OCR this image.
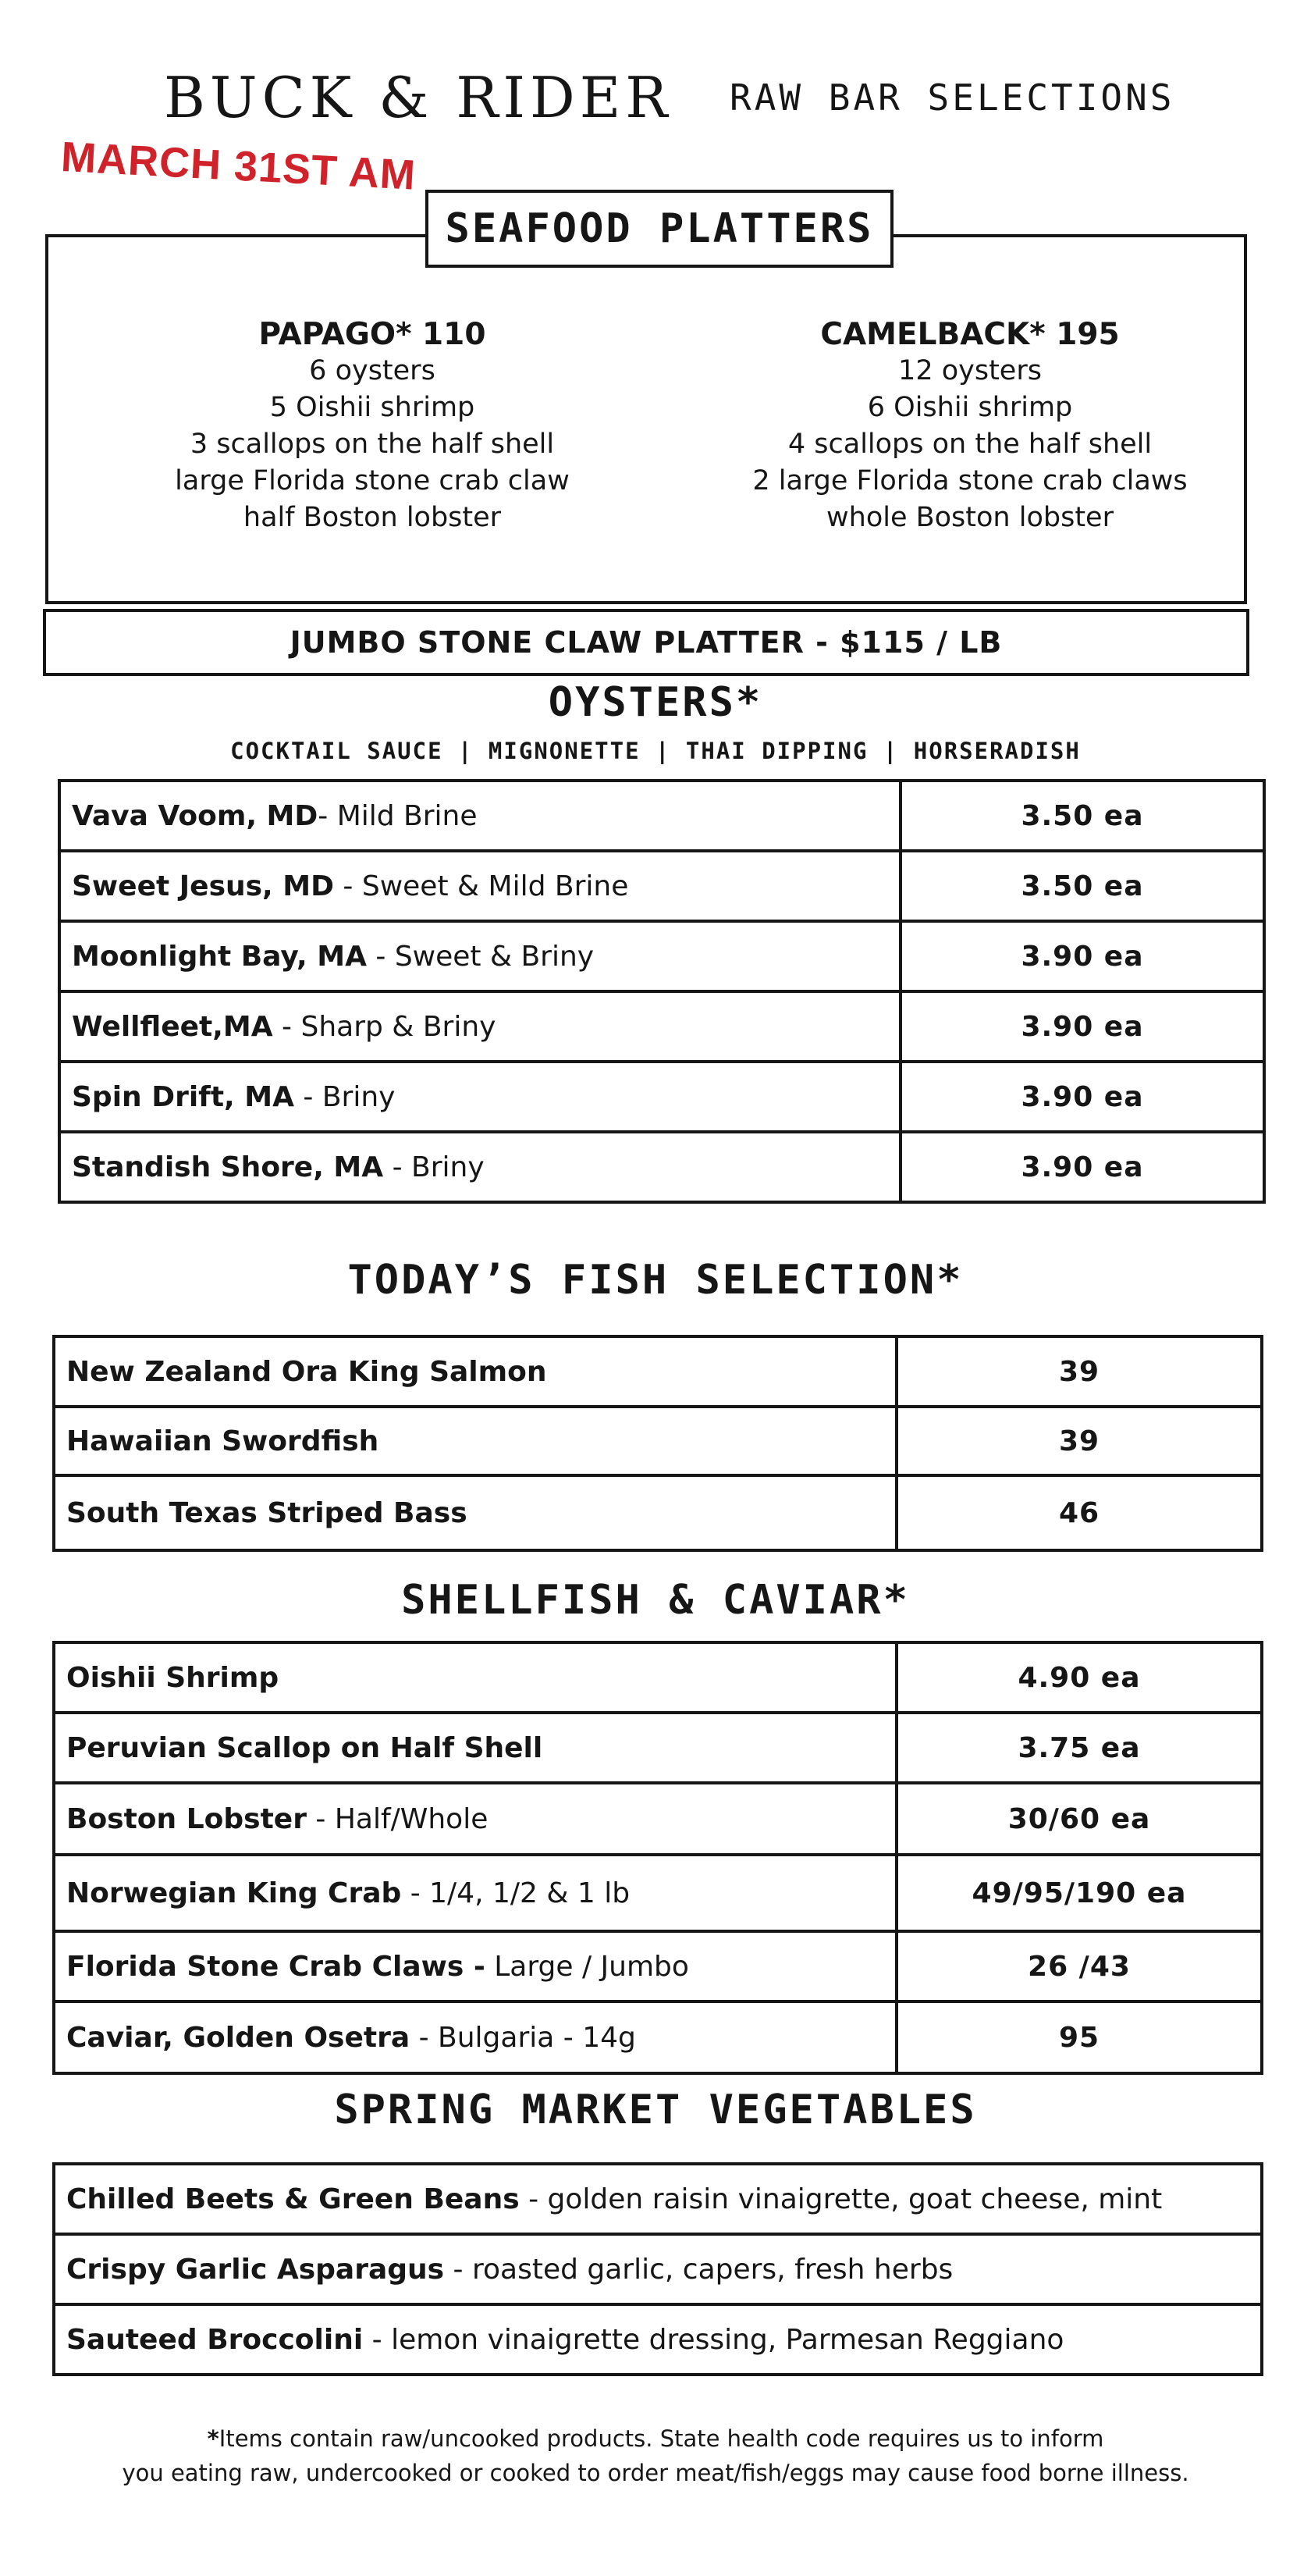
BUCK & RIDER RAW BAR SELECTIONS
MARCH 31ST AM
SEAFOOD PLATTERS
PAPAGO* 110
6 oysters
5 Oishii shrimp
3 scallops on the half shell
large Florida stone crab claw
half Boston lobster
CAMELBACK* 195
12 oysters
6 Oishii shrimp
4 scallops on the half shell
2 large Florida stone crab claws
whole Boston lobster
JUMBO STONE CLAW PLATTER - $115 / LB
OYSTERS*
COCKTAIL SAUCE | MIGNONETTE | THAI DIPPING | HORSERADISH
Vava Voom, MD- Mild Brine	3.50 ea
Sweet Jesus, MD - Sweet & Mild Brine	3.50 ea
Moonlight Bay, MA - Sweet & Briny	3.90 ea
Wellfleet,MA - Sharp & Briny	3.90 ea
Spin Drift, MA - Briny	3.90 ea
Standish Shore, MA - Briny	3.90 ea
TODAY’S FISH SELECTION*
New Zealand Ora King Salmon	39
Hawaiian Swordfish	39
South Texas Striped Bass	46
SHELLFISH & CAVIAR*
Oishii Shrimp	4.90 ea
Peruvian Scallop on Half Shell	3.75 ea
Boston Lobster - Half/Whole	30/60 ea
Norwegian King Crab - 1/4, 1/2 & 1 lb	49/95/190 ea
Florida Stone Crab Claws - Large / Jumbo	26 /43
Caviar, Golden Osetra - Bulgaria - 14g	95
SPRING MARKET VEGETABLES
Chilled Beets & Green Beans - golden raisin vinaigrette, goat cheese, mint
Crispy Garlic Asparagus - roasted garlic, capers, fresh herbs
Sauteed Broccolini - lemon vinaigrette dressing, Parmesan Reggiano
*Items contain raw/uncooked products. State health code requires us to inform
you eating raw, undercooked or cooked to order meat/fish/eggs may cause food borne illness.
